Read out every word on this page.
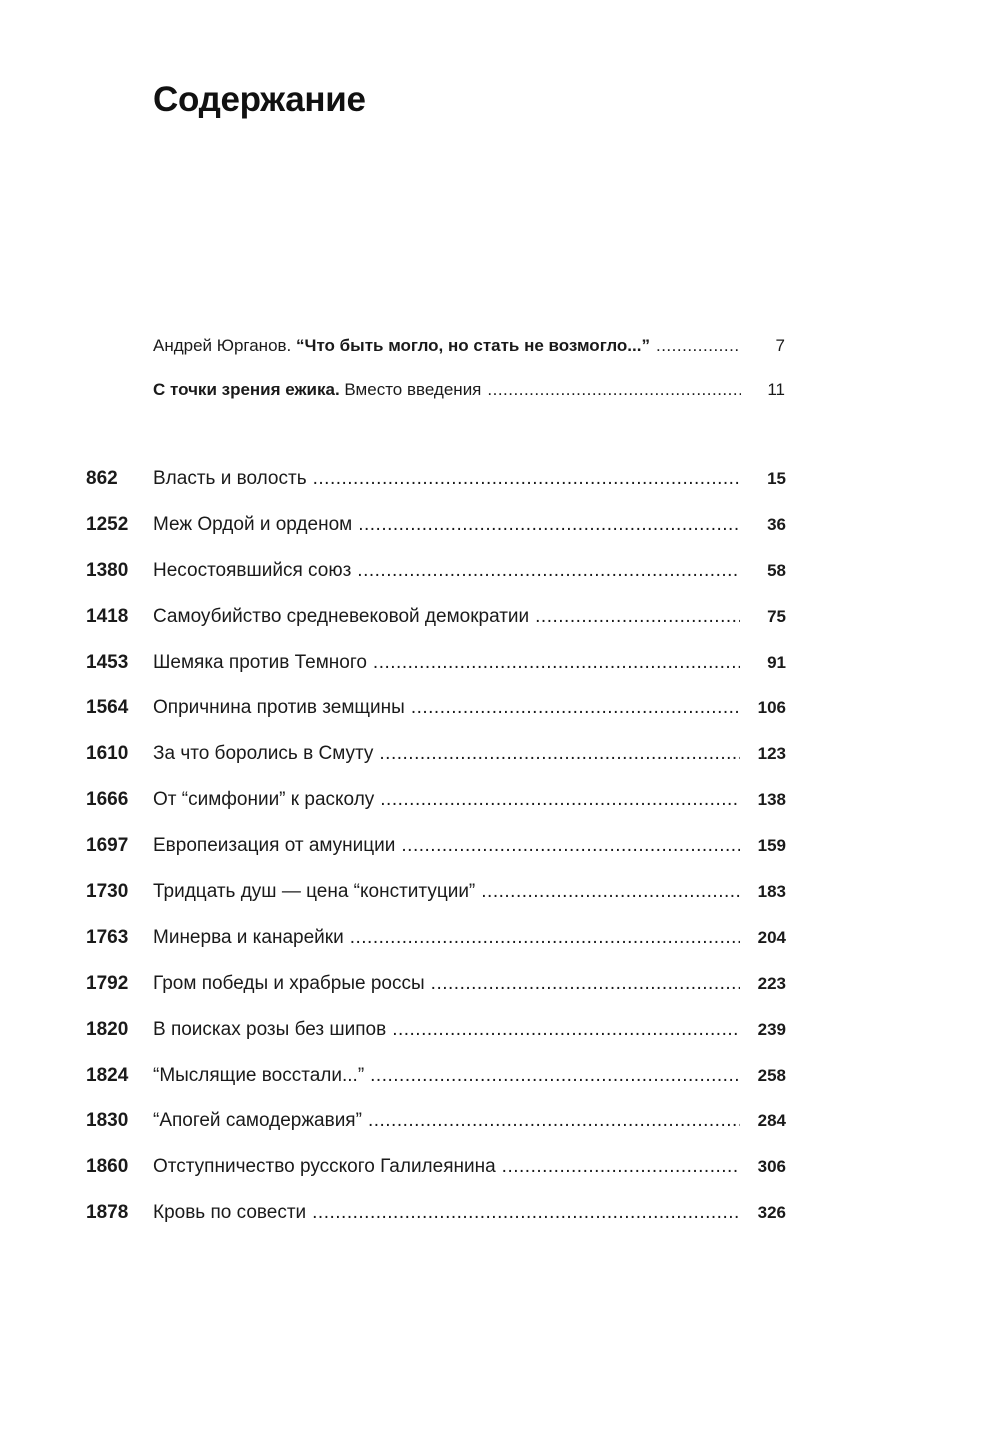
Содержание
Андрей Юрганов. “Что быть могло, но стать не возмогло...” .....	7
С точки зрения ежика. Вместо введения .....	11
862	Власть и волость .....	15
1252	Меж Ордой и орденом .....	36
1380	Несостоявшийся союз .....	58
1418	Самоубийство средневековой демократии .....	75
1453	Шемяка против Темного .....	91
1564	Опричнина против земщины .....	106
1610	За что боролись в Смуту .....	123
1666	От “симфонии” к расколу .....	138
1697	Европеизация от амуниции .....	159
1730	Тридцать душ — цена “конституции” .....	183
1763	Минерва и канарейки .....	204
1792	Гром победы и храбрые россы .....	223
1820	В поисках розы без шипов .....	239
1824	“Мыслящие восстали...” .....	258
1830	“Апогей самодержавия” .....	284
1860	Отступничество русского Галилеянина .....	306
1878	Кровь по совести .....	326
